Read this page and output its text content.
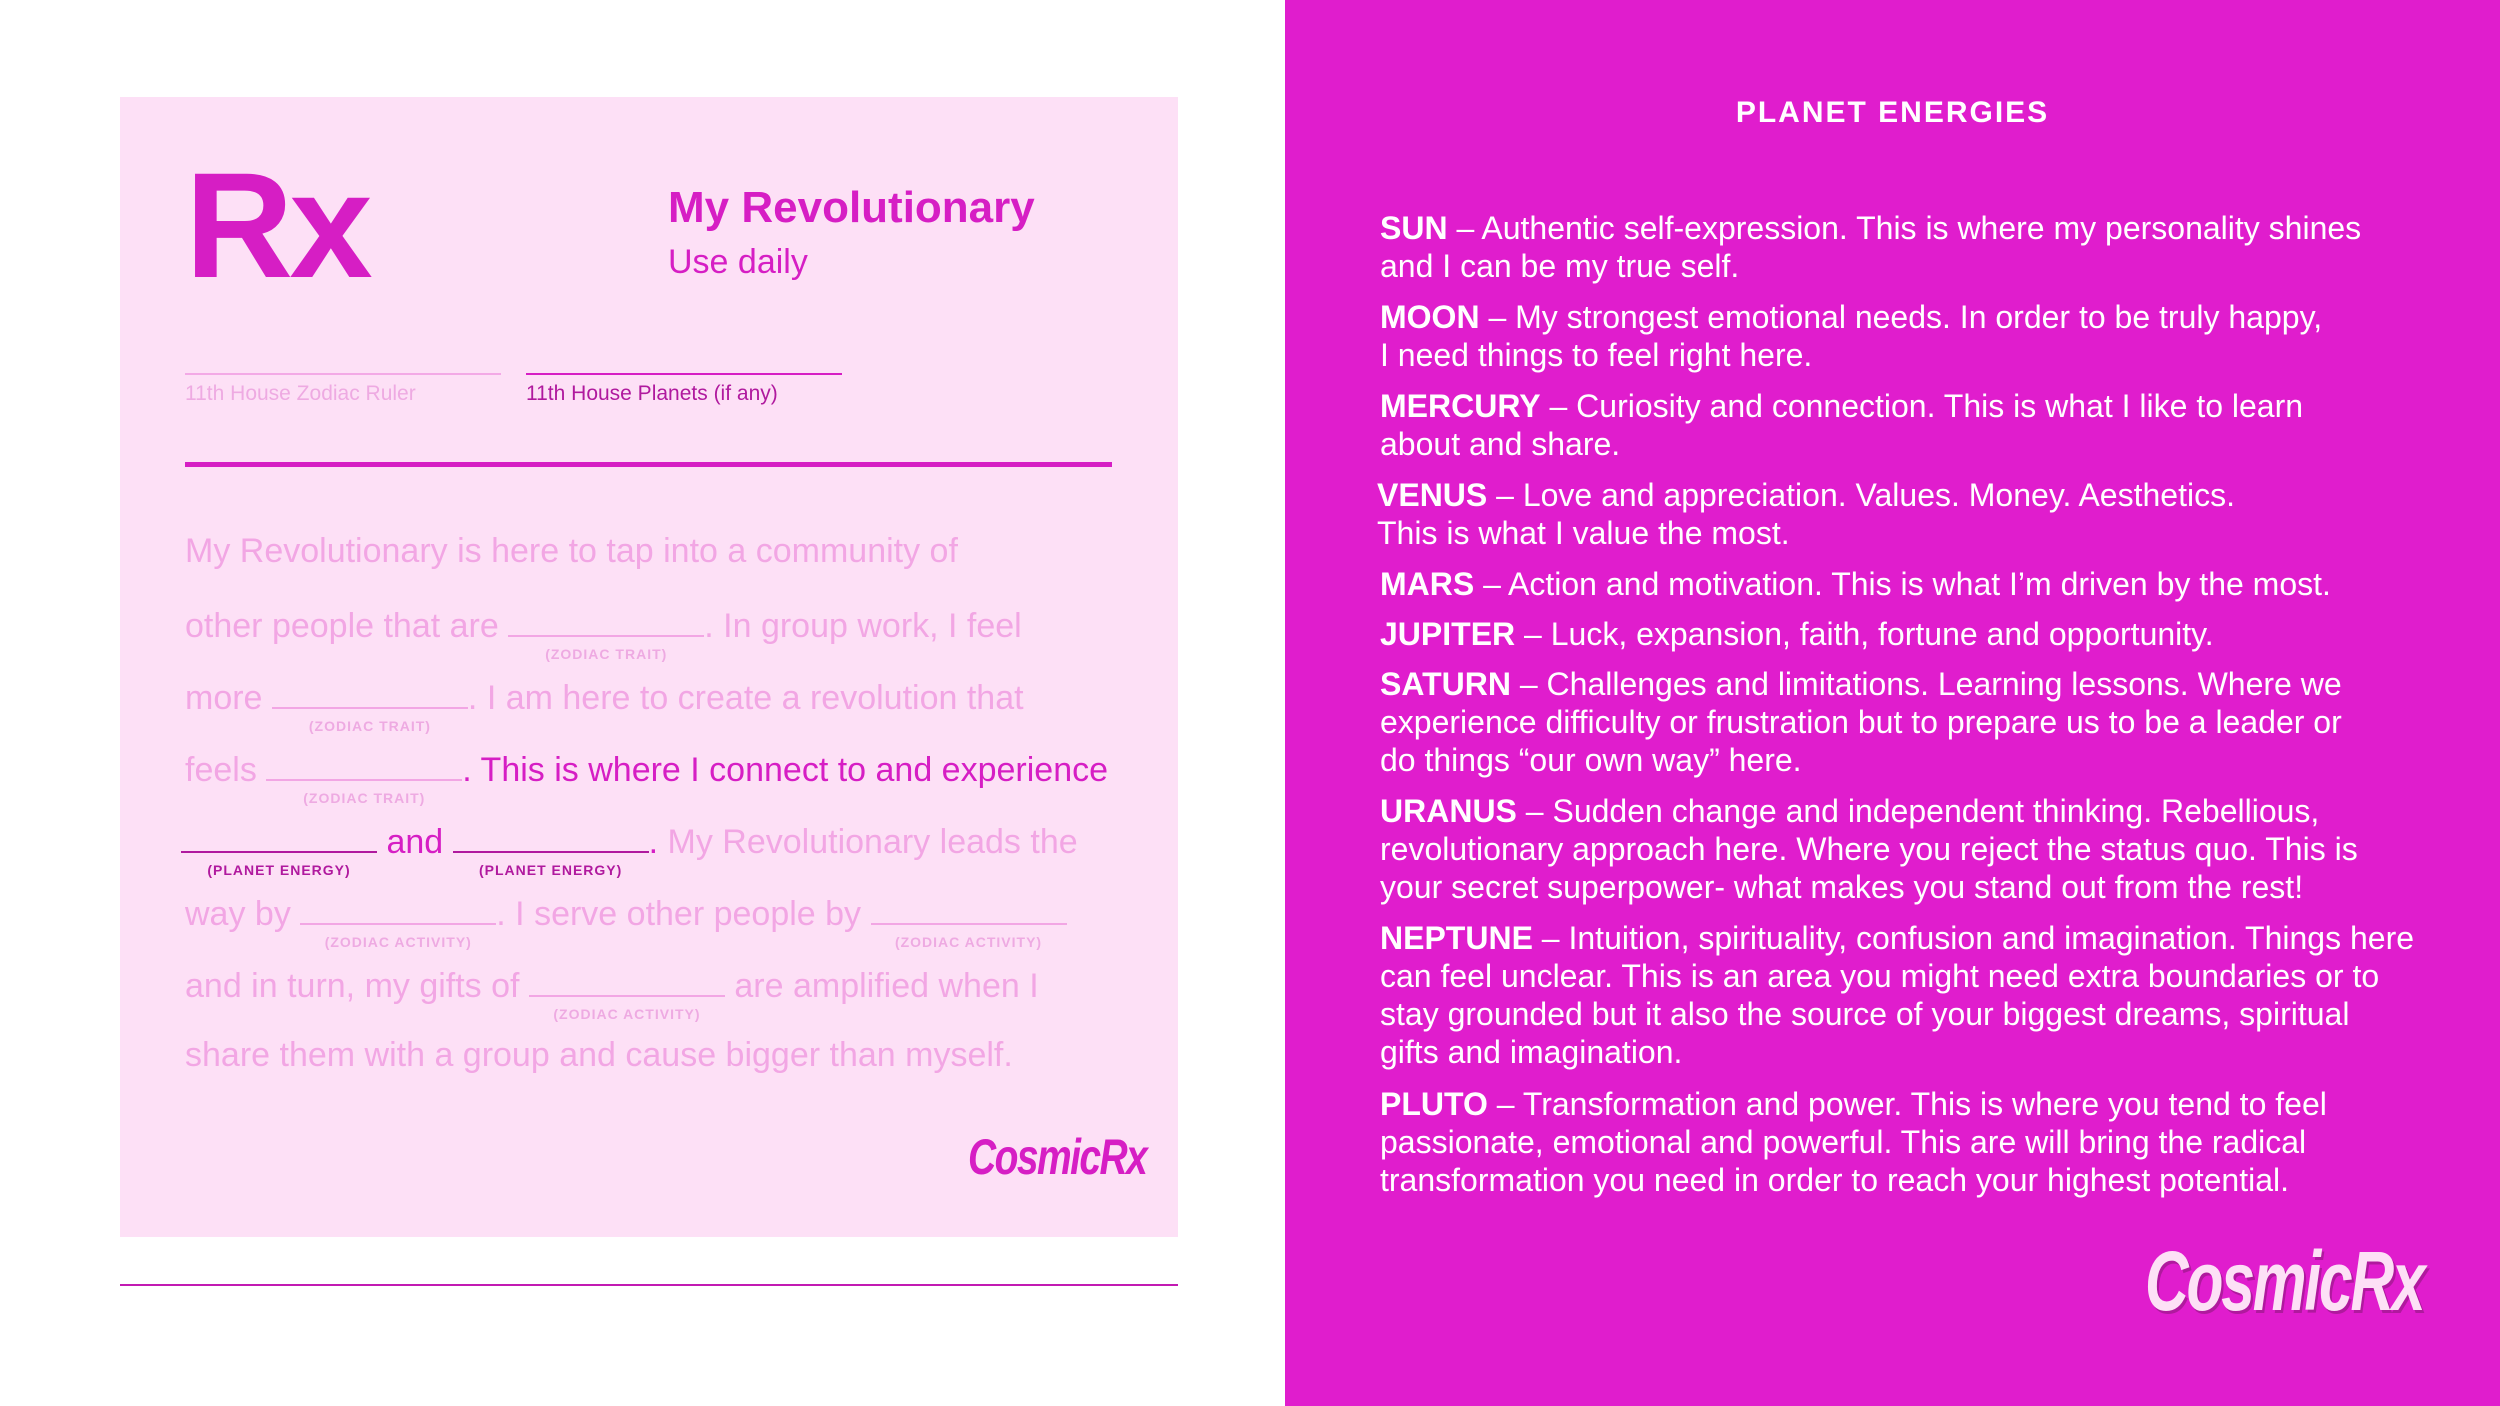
Rx	My Revolutionary
Use daily
11th House Zodiac Ruler	11th House Planets (if any)
My Revolutionary is here to tap into a community of
other people that are
(ZODIAC TRAIT)
. In group work, I feel
more
(ZODIAC TRAIT)
. I am here to create a revolution that
feels
(ZODIAC TRAIT)
. This is where I connect to and experience
(PLANET ENERGY)
and
(PLANET ENERGY)
. My Revolutionary leads the
way by
(ZODIAC ACTIVITY)
. I serve other people by
(ZODIAC ACTIVITY)
and in turn, my gifts of
(ZODIAC ACTIVITY)
are amplified when I
share them with a group and cause bigger than myself.
CosmicRx
PLANET ENERGIES
SUN – Authentic self-expression. This is where my personality shines
and I can be my true self.
MOON – My strongest emotional needs. In order to be truly happy,
I need things to feel right here.
MERCURY – Curiosity and connection. This is what I like to learn
about and share.
VENUS – Love and appreciation. Values. Money. Aesthetics.
This is what I value the most.
MARS – Action and motivation. This is what I’m driven by the most.
JUPITER – Luck, expansion, faith, fortune and opportunity.
SATURN – Challenges and limitations. Learning lessons. Where we
experience difficulty or frustration but to prepare us to be a leader or
do things “our own way” here.
URANUS – Sudden change and independent thinking. Rebellious,
revolutionary approach here. Where you reject the status quo. This is
your secret superpower- what makes you stand out from the rest!
NEPTUNE – Intuition, spirituality, confusion and imagination. Things here
can feel unclear. This is an area you might need extra boundaries or to
stay grounded but it also the source of your biggest dreams, spiritual
gifts and imagination.
PLUTO – Transformation and power. This is where you tend to feel
passionate, emotional and powerful. This are will bring the radical
transformation you need in order to reach your highest potential.
CosmicRx
